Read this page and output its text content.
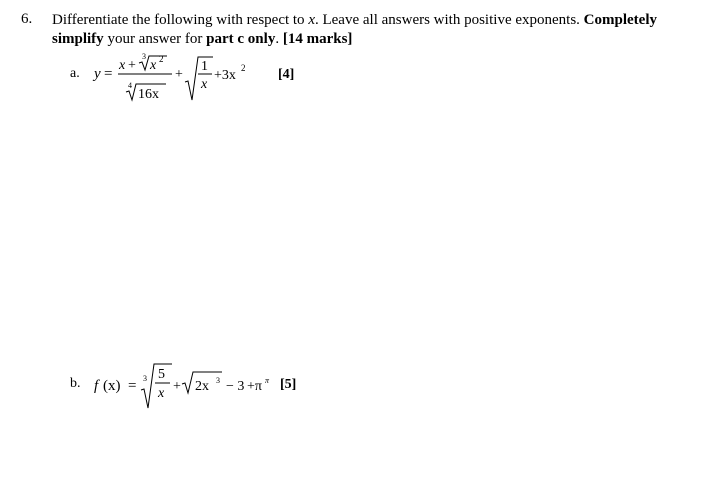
6. Differentiate the following with respect to x. Leave all answers with positive exponents. Completely simplify your answer for part c only. [14 marks]
a. y =
x +
3
x 2
4
16x
+
1
x
+3x 2 [4]
b. f (x) = 3 5
x + 2x 3 − 3 +π π [5]
